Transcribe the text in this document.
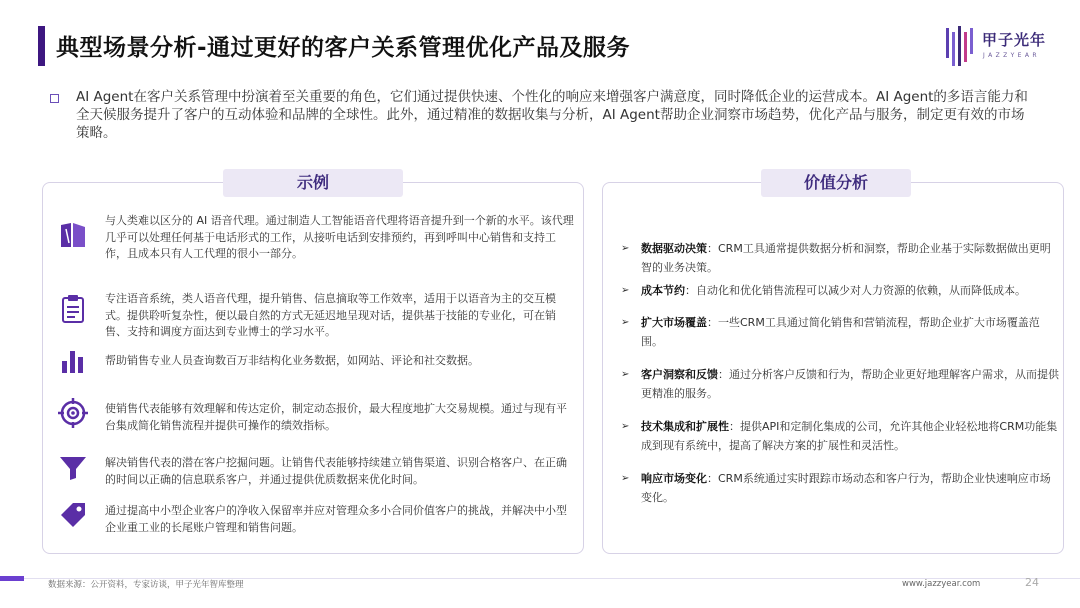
典型场景分析-通过更好的客户关系管理优化产品及服务	甲子光年
JAZZYEAR
AI Agent在客户关系管理中扮演着至关重要的角色，它们通过提供快速、个性化的响应来增强客户满意度，同时降低企业的运营成本。AI Agent的多语言能力和全天候服务提升了客户的互动体验和品牌的全球性。此外，通过精准的数据收集与分析，AI Agent帮助企业洞察市场趋势，优化产品与服务，制定更有效的市场策略。
示例
与人类难以区分的 AI 语音代理。通过制造人工智能语音代理将语音提升到一个新的水平。该代理几乎可以处理任何基于电话形式的工作，从接听电话到安排预约，再到呼叫中心销售和支持工作，且成本只有人工代理的很小一部分。
专注语音系统，类人语音代理，提升销售、信息摘取等工作效率，适用于以语音为主的交互模式。提供聆听复杂性，便以最自然的方式无延迟地呈现对话，提供基于技能的专业化，可在销售、支持和调度方面达到专业博士的学习水平。
帮助销售专业人员查询数百万非结构化业务数据，如网站、评论和社交数据。
使销售代表能够有效理解和传达定价，制定动态报价，最大程度地扩大交易规模。通过与现有平台集成简化销售流程并提供可操作的绩效指标。
解决销售代表的潜在客户挖掘问题。让销售代表能够持续建立销售渠道、识别合格客户、在正确的时间以正确的信息联系客户，并通过提供优质数据来优化时间。
通过提高中小型企业客户的净收入保留率并应对管理众多小合同价值客户的挑战，并解决中小型企业重工业的长尾账户管理和销售问题。
价值分析
➢ 数据驱动决策：CRM工具通常提供数据分析和洞察，帮助企业基于实际数据做出更明智的业务决策。
➢ 成本节约：自动化和优化销售流程可以减少对人力资源的依赖，从而降低成本。
➢ 扩大市场覆盖：一些CRM工具通过简化销售和营销流程，帮助企业扩大市场覆盖范围。
➢ 客户洞察和反馈：通过分析客户反馈和行为，帮助企业更好地理解客户需求，从而提供更精准的服务。
➢ 技术集成和扩展性：提供API和定制化集成的公司，允许其他企业轻松地将CRM功能集成到现有系统中，提高了解决方案的扩展性和灵活性。
➢ 响应市场变化：CRM系统通过实时跟踪市场动态和客户行为，帮助企业快速响应市场变化。
数据来源：公开资料，专家访谈，甲子光年智库整理	www.jazzyear.com	24
